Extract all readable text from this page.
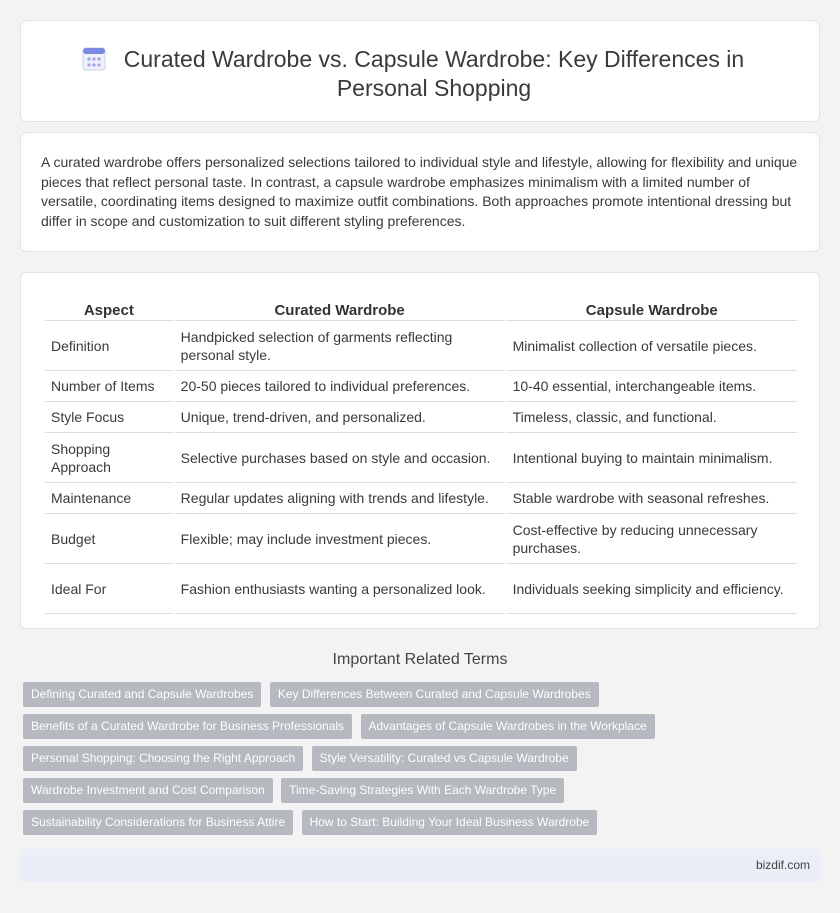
Curated Wardrobe vs. Capsule Wardrobe: Key Differences in Personal Shopping

A curated wardrobe offers personalized selections tailored to individual style and lifestyle, allowing for flexibility and unique pieces that reflect personal taste. In contrast, a capsule wardrobe emphasizes minimalism with a limited number of versatile, coordinating items designed to maximize outfit combinations. Both approaches promote intentional dressing but differ in scope and customization to suit different styling preferences.

Aspect	Curated Wardrobe	Capsule Wardrobe
Definition	Handpicked selection of garments reflecting personal style.	Minimalist collection of versatile pieces.
Number of Items	20-50 pieces tailored to individual preferences.	10-40 essential, interchangeable items.
Style Focus	Unique, trend-driven, and personalized.	Timeless, classic, and functional.
Shopping Approach	Selective purchases based on style and occasion.	Intentional buying to maintain minimalism.
Maintenance	Regular updates aligning with trends and lifestyle.	Stable wardrobe with seasonal refreshes.
Budget	Flexible; may include investment pieces.	Cost-effective by reducing unnecessary purchases.
Ideal For	Fashion enthusiasts wanting a personalized look.	Individuals seeking simplicity and efficiency.
Important Related Terms
Defining Curated and Capsule Wardrobes Key Differences Between Curated and Capsule Wardrobes
Benefits of a Curated Wardrobe for Business Professionals Advantages of Capsule Wardrobes in the Workplace
Personal Shopping: Choosing the Right Approach Style Versatility: Curated vs Capsule Wardrobe
Wardrobe Investment and Cost Comparison Time-Saving Strategies With Each Wardrobe Type
Sustainability Considerations for Business Attire How to Start: Building Your Ideal Business Wardrobe
bizdif.com
